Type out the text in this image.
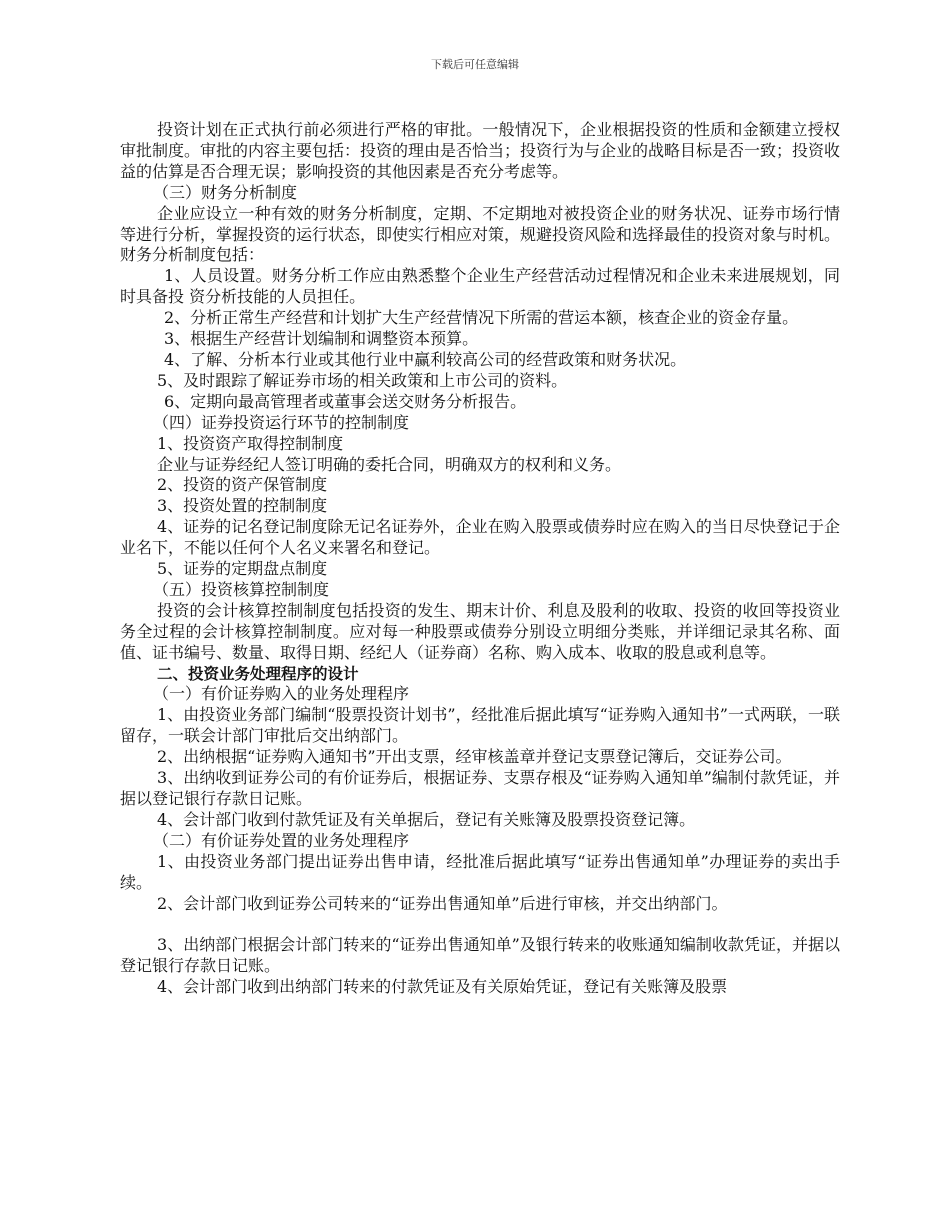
下载后可任意编辑

投资计划在正式执行前必须进行严格的审批。一般情况下，企业根据投资的性质和金额建立授权审批制度。审批的内容主要包括：投资的理由是否恰当；投资行为与企业的战略目标是否一致；投资收益的估算是否合理无误；影响投资的其他因素是否充分考虑等。

（三）财务分析制度

企业应设立一种有效的财务分析制度，定期、不定期地对被投资企业的财务状况、证券市场行情等进行分析，掌握投资的运行状态，即使实行相应对策，规避投资风险和选择最佳的投资对象与时机。财务分析制度包括：

1、人员设置。财务分析工作应由熟悉整个企业生产经营活动过程情况和企业未来进展规划，同时具备投 资分析技能的人员担任。

2、分析正常生产经营和计划扩大生产经营情况下所需的营运本额，核查企业的资金存量。

3、根据生产经营计划编制和调整资本预算。

4、了解、分析本行业或其他行业中赢利较高公司的经营政策和财务状况。

5、及时跟踪了解证券市场的相关政策和上市公司的资料。

6、定期向最高管理者或董事会送交财务分析报告。

（四）证券投资运行环节的控制制度

1、投资资产取得控制制度

企业与证券经纪人签订明确的委托合同，明确双方的权利和义务。

2、投资的资产保管制度

3、投资处置的控制制度

4、证券的记名登记制度除无记名证券外，企业在购入股票或债券时应在购入的当日尽快登记于企业名下，不能以任何个人名义来署名和登记。

5、证券的定期盘点制度

（五）投资核算控制制度

投资的会计核算控制制度包括投资的发生、期末计价、利息及股利的收取、投资的收回等投资业务全过程的会计核算控制制度。应对每一种股票或债券分别设立明细分类账，并详细记录其名称、面值、证书编号、数量、取得日期、经纪人（证券商）名称、购入成本、收取的股息或利息等。

二、投资业务处理程序的设计

（一）有价证券购入的业务处理程序

1、由投资业务部门编制“股票投资计划书”，经批准后据此填写“证券购入通知书”一式两联，一联留存，一联会计部门审批后交出纳部门。

2、出纳根据“证券购入通知书”开出支票，经审核盖章并登记支票登记簿后，交证券公司。

3、出纳收到证券公司的有价证券后，根据证券、支票存根及“证券购入通知单”编制付款凭证，并据以登记银行存款日记账。

4、会计部门收到付款凭证及有关单据后，登记有关账簿及股票投资登记簿。

（二）有价证券处置的业务处理程序

1、由投资业务部门提出证券出售申请，经批准后据此填写“证券出售通知单”办理证券的卖出手续。

2、会计部门收到证券公司转来的“证券出售通知单”后进行审核，并交出纳部门。

3、出纳部门根据会计部门转来的“证券出售通知单”及银行转来的收账通知编制收款凭证，并据以登记银行存款日记账。

4、会计部门收到出纳部门转来的付款凭证及有关原始凭证，登记有关账簿及股票
